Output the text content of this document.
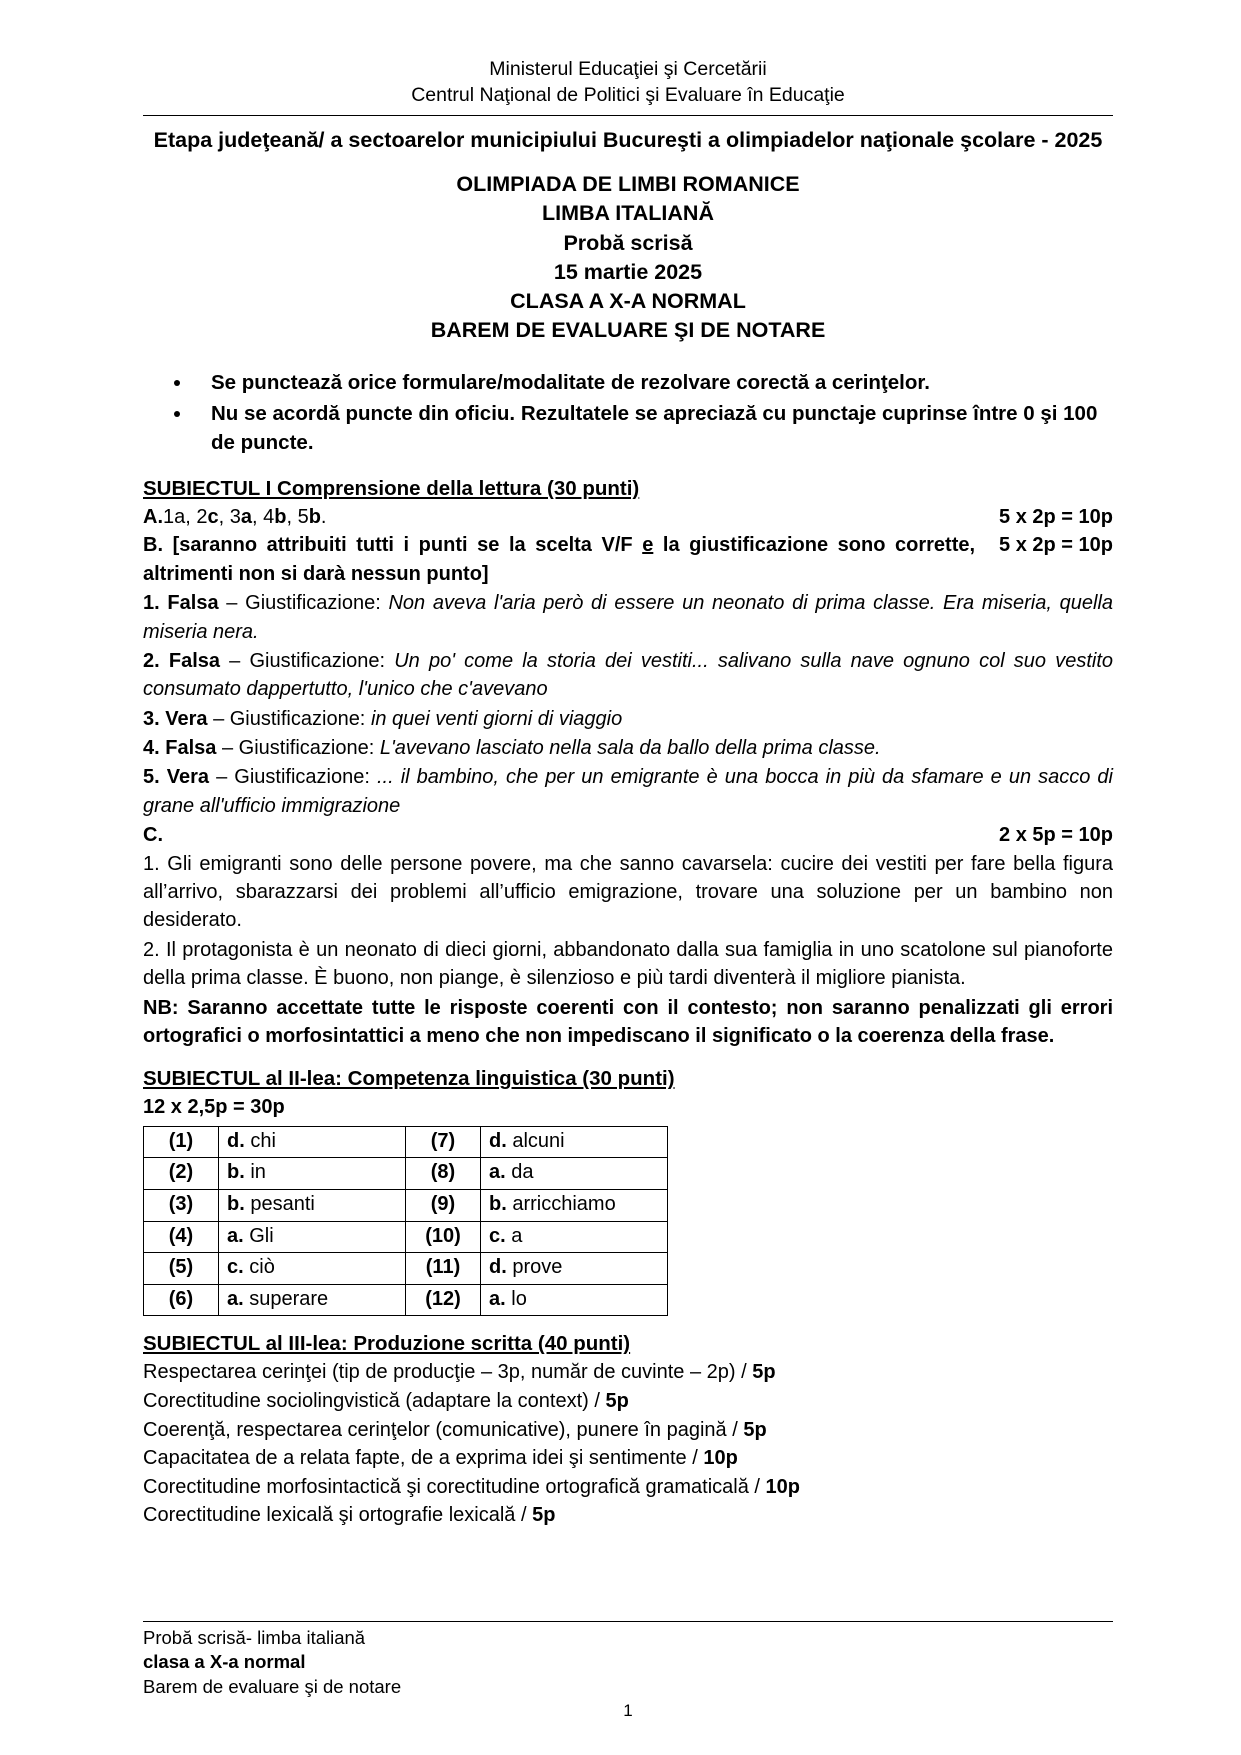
Ministerul Educaţiei şi Cercetării
Centrul Naţional de Politici şi Evaluare în Educaţie
Etapa judeţeană/ a sectoarelor municipiului Bucureşti a olimpiadelor naţionale şcolare - 2025
OLIMPIADA DE LIMBI ROMANICE
LIMBA ITALIANĂ
Probă scrisă
15 martie 2025
CLASA A X-A NORMAL
BAREM DE EVALUARE ŞI DE NOTARE
• Se punctează orice formulare/modalitate de rezolvare corectă a cerinţelor.
• Nu se acordă puncte din oficiu. Rezultatele se apreciază cu punctaje cuprinse între 0 şi 100 de puncte.
SUBIECTUL I Comprensione della lettura (30 punti)
A.1a, 2c, 3a, 4b, 5b.	5 x 2p = 10p

5 x 2p = 10p
B. [saranno attribuiti tutti i punti se la scelta V/F e la giustificazione sono corrette, altrimenti non si darà nessun punto]

1. Falsa – Giustificazione: Non aveva l'aria però di essere un neonato di prima classe. Era miseria, quella miseria nera.

2. Falsa – Giustificazione: Un po' come la storia dei vestiti... salivano sulla nave ognuno col suo vestito consumato dappertutto, l'unico che c'avevano

3. Vera – Giustificazione: in quei venti giorni di viaggio

4. Falsa – Giustificazione: L'avevano lasciato nella sala da ballo della prima classe.

5. Vera – Giustificazione: ... il bambino, che per un emigrante è una bocca in più da sfamare e un sacco di grane all'ufficio immigrazione

C.	2 x 5p = 10p

1. Gli emigranti sono delle persone povere, ma che sanno cavarsela: cucire dei vestiti per fare bella figura all’arrivo, sbarazzarsi dei problemi all’ufficio emigrazione, trovare una soluzione per un bambino non desiderato.

2. Il protagonista è un neonato di dieci giorni, abbandonato dalla sua famiglia in uno scatolone sul pianoforte della prima classe. È buono, non piange, è silenzioso e più tardi diventerà il migliore pianista.

NB: Saranno accettate tutte le risposte coerenti con il contesto; non saranno penalizzati gli errori ortografici o morfosintattici a meno che non impediscano il significato o la coerenza della frase.

SUBIECTUL al II-lea: Competenza linguistica (30 punti)

12 x 2,5p = 30p

(1)	d. chi	(7)	d. alcuni
(2)	b. in	(8)	a. da
(3)	b. pesanti	(9)	b. arricchiamo
(4)	a. Gli	(10)	c. a
(5)	c. ciò	(11)	d. prove
(6)	a. superare	(12)	a. lo
SUBIECTUL al III-lea: Produzione scritta (40 punti)

Respectarea cerinţei (tip de producţie – 3p, număr de cuvinte – 2p) / 5p

Corectitudine sociolingvistică (adaptare la context) / 5p

Coerenţă, respectarea cerinţelor (comunicative), punere în pagină / 5p

Capacitatea de a relata fapte, de a exprima idei şi sentimente / 10p

Corectitudine morfosintactică şi corectitudine ortografică gramaticală / 10p

Corectitudine lexicală şi ortografie lexicală / 5p

Probă scrisă- limba italiană
clasa a X-a normal
Barem de evaluare şi de notare
1
